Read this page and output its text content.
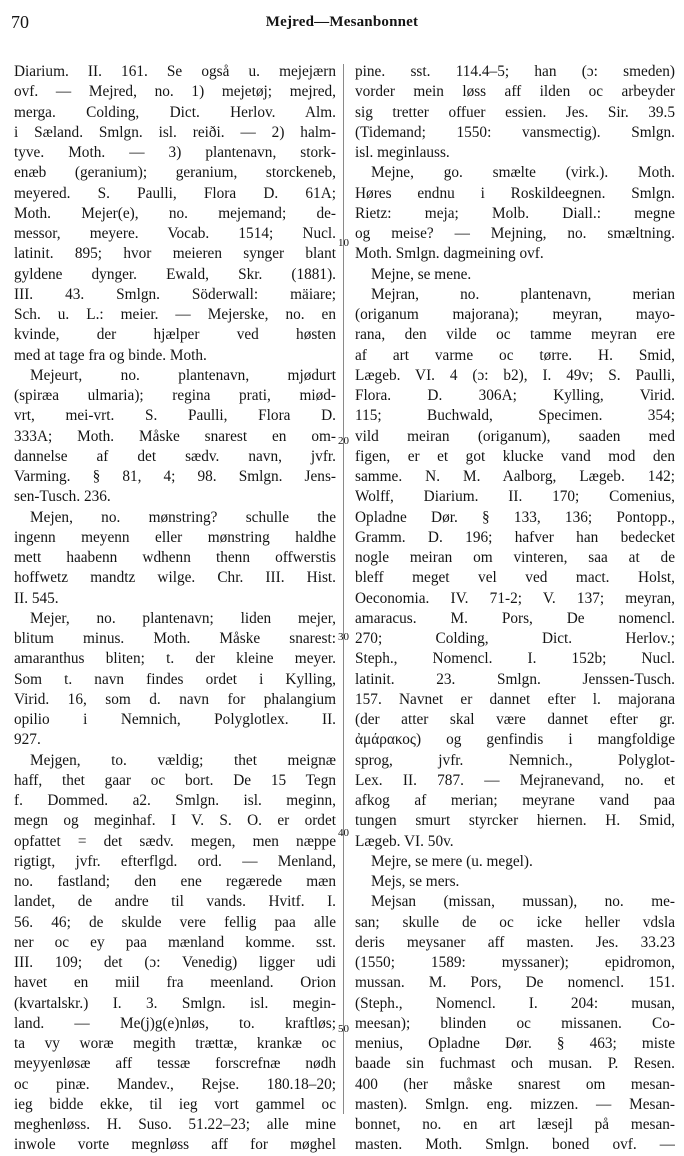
70	Mejred—Mesanbonnet
Diarium. II. 161. Se også u. mejejærn
ovf. — Mejred, no. 1) mejetøj; mejred,
merga. Colding, Dict. Herlov. Alm.
i Sæland. Smlgn. isl. reiði. — 2) halm-
tyve. Moth. — 3) plantenavn, stork-
enæb (geranium); geranium, storckeneb,
meyered. S. Paulli, Flora D. 61A;
Moth. Mejer(e), no. mejemand; de-
messor, meyere. Vocab. 1514; Nucl.
latinit. 895; hvor meieren synger blant
gyldene dynger. Ewald, Skr. (1881).
III. 43. Smlgn. Söderwall: mäiare;
Sch. u. L.: meier. — Mejerske, no. en
kvinde, der hjælper ved høsten
med at tage fra og binde. Moth.
Mejeurt, no. plantenavn, mjødurt
(spiræa ulmaria); regina prati, miød-
vrt, mei-vrt. S. Paulli, Flora D.
333A; Moth. Måske snarest en om-
dannelse af det sædv. navn, jvfr.
Varming. § 81, 4; 98. Smlgn. Jens-
sen-Tusch. 236.
Mejen, no. mønstring? schulle the
ingenn meyenn eller mønstring haldhe
mett haabenn wdhenn thenn offwerstis
hoffwetz mandtz wilge. Chr. III. Hist.
II. 545.
Mejer, no. plantenavn; liden mejer,
blitum minus. Moth. Måske snarest:
amaranthus bliten; t. der kleine meyer.
Som t. navn findes ordet i Kylling,
Virid. 16, som d. navn for phalangium
opilio i Nemnich, Polyglotlex. II.
927.
Mejgen, to. vældig; thet meignæ
haff, thet gaar oc bort. De 15 Tegn
f. Dommed. a2. Smlgn. isl. meginn,
megn og meginhaf. I V. S. O. er ordet
opfattet = det sædv. megen, men næppe
rigtigt, jvfr. efterflgd. ord. — Menland,
no. fastland; den ene regærede mæn
landet, de andre til vands. Hvitf. I.
56. 46; de skulde vere fellig paa alle
ner oc ey paa mænland komme. sst.
III. 109; det (ɔ: Venedig) ligger udi
havet en miil fra meenland. Orion
(kvartalskr.) I. 3. Smlgn. isl. megin-
land. — Me(j)g(e)nløs, to. kraftløs;
ta vy woræ megith trættæ, krankæ oc
meyyenløsæ aff tessæ forscrefnæ nødh
oc pinæ. Mandev., Rejse. 180.18–20;
ieg bidde ekke, til ieg vort gammel oc
meghenløss. H. Suso. 51.22–23; alle mine
inwole vorte megnløss aff for møghel
pine. sst. 114.4–5; han (ɔ: smeden)
vorder mein løss aff ilden oc arbeyder
sig tretter offuer essien. Jes. Sir. 39.5
(Tidemand; 1550: vansmectig). Smlgn.
isl. meginlauss.
Mejne, go. smælte (virk.). Moth.
Høres endnu i Roskildeegnen. Smlgn.
Rietz: meja; Molb. Diall.: megne
og meise? — Mejning, no. smæltning.
Moth. Smlgn. dagmeining ovf.
Mejne, se mene.
Mejran, no. plantenavn, merian
(origanum majorana); meyran, mayo-
rana, den vilde oc tamme meyran ere
af art varme oc tørre. H. Smid,
Lægeb. VI. 4 (ɔ: b2), I. 49v; S. Paulli,
Flora. D. 306A; Kylling, Virid.
115; Buchwald, Specimen. 354;
vild meiran (origanum), saaden med
figen, er et got klucke vand mod den
samme. N. M. Aalborg, Lægeb. 142;
Wolff, Diarium. II. 170; Comenius,
Opladne Dør. § 133, 136; Pontopp.,
Gramm. D. 196; hafver han bedecket
nogle meiran om vinteren, saa at de
bleff meget vel ved mact. Holst,
Oeconomia. IV. 71-2; V. 137; meyran,
amaracus. M. Pors, De nomencl.
270; Colding, Dict. Herlov.;
Steph., Nomencl. I. 152b; Nucl.
latinit. 23. Smlgn. Jenssen-Tusch.
157. Navnet er dannet efter l. majorana
(der atter skal være dannet efter gr.
ἀμάρακος) og genfindis i mangfoldige
sprog, jvfr. Nemnich., Polyglot-
Lex. II. 787. — Mejranevand, no. et
afkog af merian; meyrane vand paa
tungen smurt styrcker hiernen. H. Smid,
Lægeb. VI. 50v.
Mejre, se mere (u. megel).
Mejs, se mers.
Mejsan (missan, mussan), no. me-
san; skulle de oc icke heller vdsla
deris meysaner aff masten. Jes. 33.23
(1550; 1589: myssaner); epidromon,
mussan. M. Pors, De nomencl. 151.
(Steph., Nomencl. I. 204: musan,
meesan); blinden oc missanen. Co-
menius, Opladne Dør. § 463; miste
baade sin fuchmast och musan. P. Resen.
400 (her måske snarest om mesan-
masten). Smlgn. eng. mizzen. — Mesan-
bonnet, no. en art læsejl på mesan-
masten. Moth. Smlgn. boned ovf. —
10
20
30
40
50
